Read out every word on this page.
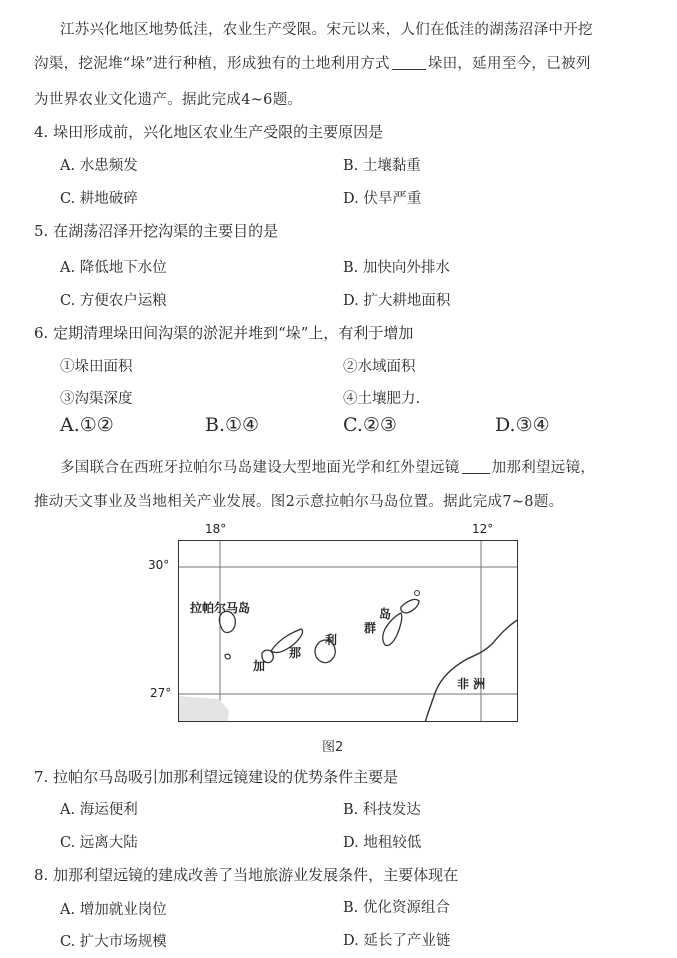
江苏兴化地区地势低洼，农业生产受限。宋元以来，人们在低洼的湖荡沼泽中开挖
沟渠，挖泥堆“垛”进行种植，形成独有的土地利用方式	垛田，延用至今，已被列
为世界农业文化遗产。据此完成4~6题。
4. 垛田形成前，兴化地区农业生产受限的主要原因是
A. 水患频发	B. 土壤黏重
C. 耕地破碎	D. 伏旱严重
5. 在湖荡沼泽开挖沟渠的主要目的是
A. 降低地下水位	B. 加快向外排水
C. 方便农户运粮	D. 扩大耕地面积
6. 定期清理垛田间沟渠的淤泥并堆到“垛”上，有利于增加
①垛田面积	②水域面积
③沟渠深度	④土壤肥力.
A.①②	B.①④	C.②③	D.③④
多国联合在西班牙拉帕尔马岛建设大型地面光学和红外望远镜 加那利望远镜，
推动天文事业及当地相关产业发展。图2示意拉帕尔马岛位置。据此完成7~8题。
18°	12°
30°
27°
拉帕尔马岛
加
那
利
群
岛
非 洲
图2
7. 拉帕尔马岛吸引加那利望远镜建设的优势条件主要是
A. 海运便利	B. 科技发达
C. 远离大陆	D. 地租较低
8. 加那利望远镜的建成改善了当地旅游业发展条件，主要体现在
A. 增加就业岗位	B. 优化资源组合
C. 扩大市场规模	D. 延长了产业链
